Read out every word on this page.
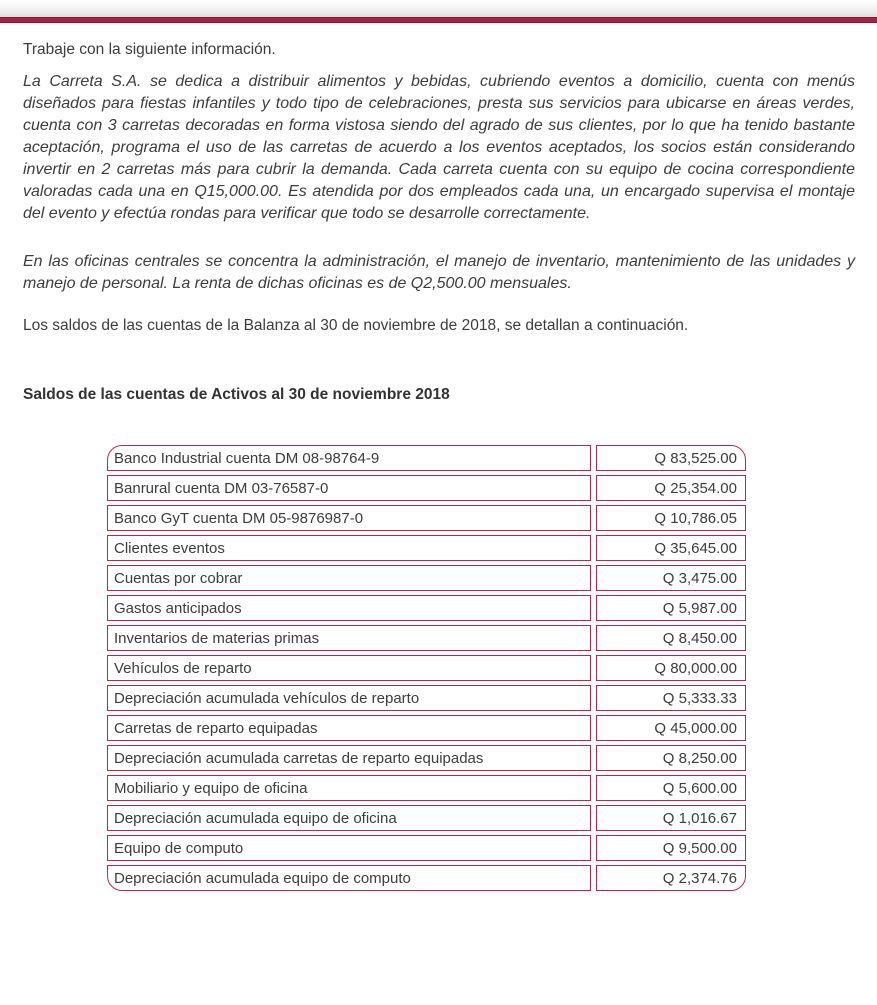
Trabaje con la siguiente información.

La Carreta S.A. se dedica a distribuir alimentos y bebidas, cubriendo eventos a domicilio, cuenta con menús diseñados para fiestas infantiles y todo tipo de celebraciones, presta sus servicios para ubicarse en áreas verdes, cuenta con 3 carretas decoradas en forma vistosa siendo del agrado de sus clientes, por lo que ha tenido bastante aceptación, programa el uso de las carretas de acuerdo a los eventos aceptados, los socios están considerando invertir en 2 carretas más para cubrir la demanda. Cada carreta cuenta con su equipo de cocina correspondiente valoradas cada una en Q15,000.00. Es atendida por dos empleados cada una, un encargado supervisa el montaje del evento y efectúa rondas para verificar que todo se desarrolle correctamente.

En las oficinas centrales se concentra la administración, el manejo de inventario, mantenimiento de las unidades y manejo de personal. La renta de dichas oficinas es de Q2,500.00 mensuales.

Los saldos de las cuentas de la Balanza al 30 de noviembre de 2018, se detallan a continuación.

Saldos de las cuentas de Activos al 30 de noviembre 2018
Banco Industrial cuenta DM 08-98764-9	Q 83,525.00
Banrural cuenta DM 03-76587-0	Q 25,354.00
Banco GyT cuenta DM 05-9876987-0	Q 10,786.05
Clientes eventos	Q 35,645.00
Cuentas por cobrar	Q 3,475.00
Gastos anticipados	Q 5,987.00
Inventarios de materias primas	Q 8,450.00
Vehículos de reparto	Q 80,000.00
Depreciación acumulada vehículos de reparto	Q 5,333.33
Carretas de reparto equipadas	Q 45,000.00
Depreciación acumulada carretas de reparto equipadas	Q 8,250.00
Mobiliario y equipo de oficina	Q 5,600.00
Depreciación acumulada equipo de oficina	Q 1,016.67
Equipo de computo	Q 9,500.00
Depreciación acumulada equipo de computo	Q 2,374.76
